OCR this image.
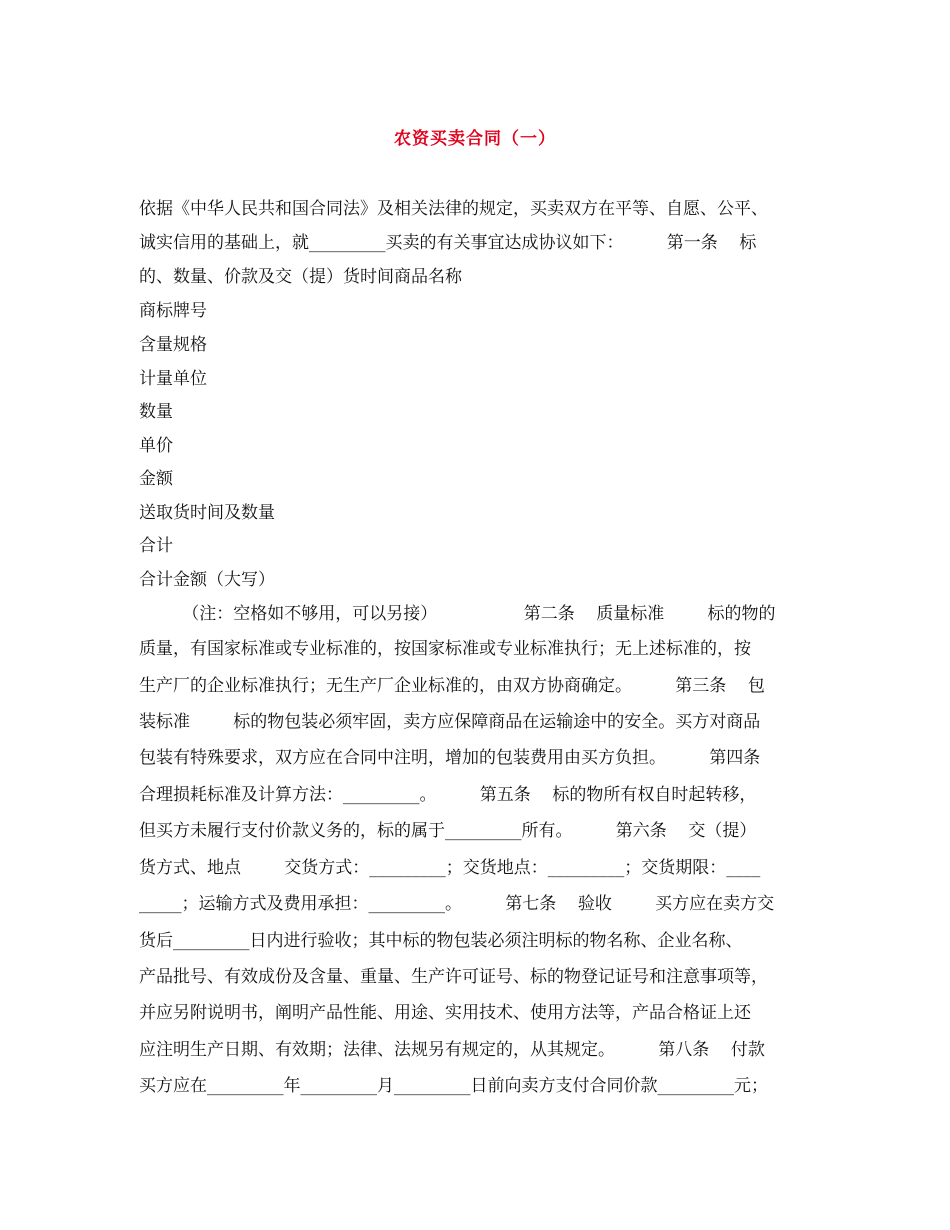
农资买卖合同（一）
依据《中华人民共和国合同法》及相关法律的规定，买卖双方在平等、自愿、公平、
诚实信用的基础上，就_________买卖的有关事宜达成协议如下：        第一条    标
的、数量、价款及交（提）货时间商品名称
商标牌号
含量规格
计量单位
数量
单价
金额
送取货时间及数量
合计
合计金额（大写）
（注：空格如不够用，可以另接）                第二条    质量标准        标的物的
质量，有国家标准或专业标准的，按国家标准或专业标准执行；无上述标准的，按
生产厂的企业标准执行；无生产厂企业标准的，由双方协商确定。        第三条    包
装标准        标的物包装必须牢固，卖方应保障商品在运输途中的安全。买方对商品
包装有特殊要求，双方应在合同中注明，增加的包装费用由买方负担。        第四条
合理损耗标准及计算方法：_________。        第五条    标的物所有权自时起转移，
但买方未履行支付价款义务的，标的属于_________所有。        第六条    交（提）
货方式、地点        交货方式：_________；交货地点：_________；交货期限：____
_____；运输方式及费用承担：_________。        第七条    验收        买方应在卖方交
货后_________日内进行验收；其中标的物包装必须注明标的物名称、企业名称、
产品批号、有效成份及含量、重量、生产许可证号、标的物登记证号和注意事项等，
并应另附说明书，阐明产品性能、用途、实用技术、使用方法等，产品合格证上还
应注明生产日期、有效期；法律、法规另有规定的，从其规定。        第八条    付款
买方应在_________年_________月_________日前向卖方支付合同价款_________元；
